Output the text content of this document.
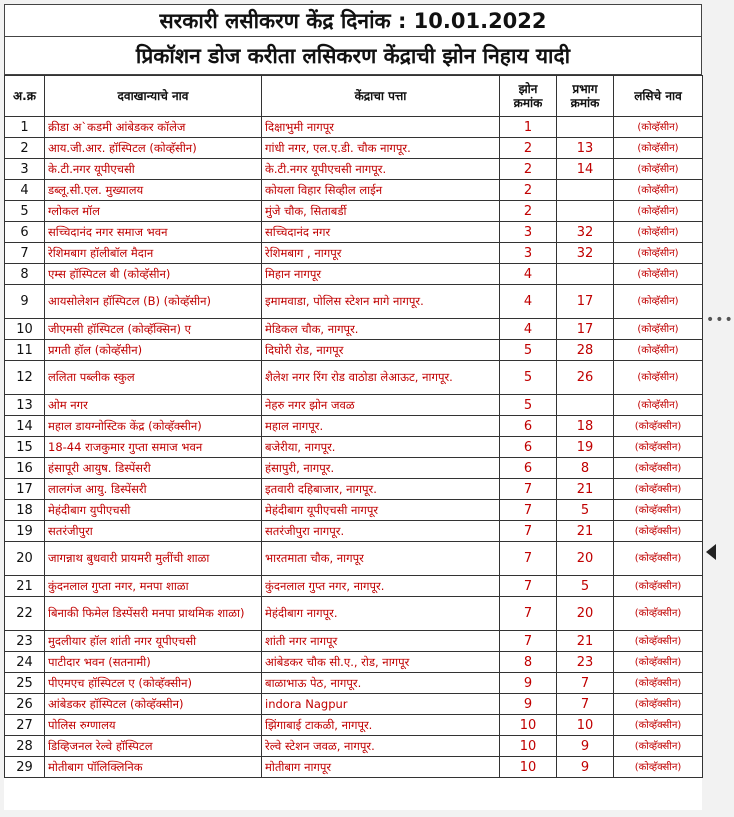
सरकारी लसीकरण केंद्र दिनांक : 10.01.2022
प्रिकॉशन डोज करीता लसिकरण केंद्राची झोन निहाय यादी
अ.क्र	दवाखान्याचे नाव	केंद्राचा पत्ता	झोन क्रमांक	प्रभाग क्रमांक	लसिचे नाव
1	क्रीडा अ`कडमी आंबेडकर कॉलेज	दिक्षाभुमी नागपूर	1		(कोव्हॅसीन)
2	आय.जी.आर. हॉस्पिटल (कोव्हॅसीन)	गांधी नगर, एल.ए.डी. चौक नागपूर.	2	13	(कोव्हॅसीन)
3	के.टी.नगर यूपीएचसी	के.टी.नगर यूपीएचसी नागपूर.	2	14	(कोव्हॅसीन)
4	डब्लू.सी.एल. मुख्यालय	कोयला विहार सिव्हील लाईन	2		(कोव्हॅसीन)
5	ग्लोकल मॉल	मुंजे चौक, सिताबर्डी	2		(कोव्हॅसीन)
6	सच्चिदानंद नगर समाज भवन	सच्चिदानंद नगर	3	32	(कोव्हॅसीन)
7	रेशिमबाग हॉलीबॉल मैदान	रेशिमबाग , नागपूर	3	32	(कोव्हॅसीन)
8	एम्स हॉस्पिटल बी (कोव्हॅसीन)	मिहान नागपूर	4		(कोव्हॅसीन)
9	आयसोलेशन हॉस्पिटल (B) (कोव्हॅसीन)	इमामवाडा, पोलिस स्टेशन मागे नागपूर.	4	17	(कोव्हॅसीन)
10	जीएमसी हॉस्पिटल (कोव्हॅक्सिन) ए	मेडिकल चौक, नागपूर.	4	17	(कोव्हॅसीन)
11	प्रगती हॉल (कोव्हॅसीन)	दिघोरी रोड, नागपूर	5	28	(कोव्हॅसीन)
12	ललिता पब्लीक स्कुल	शैलेश नगर रिंग रोड वाठोडा लेआऊट, नागपूर.	5	26	(कोव्हॅसीन)
13	ओम नगर	नेहरु नगर झोन जवळ	5		(कोव्हॅसीन)
14	महाल डायग्नोस्टिक केंद्र (कोव्हॅक्सीन)	महाल नागपूर.	6	18	(कोव्हॅक्सीन)
15	18-44 राजकुमार गुप्ता समाज भवन	बजेरीया, नागपूर.	6	19	(कोव्हॅक्सीन)
16	हंसापूरी आयुष. डिस्पेंसरी	हंसापुरी, नागपूर.	6	8	(कोव्हॅक्सीन)
17	लालगंज आयु. डिस्पेंसरी	इतवारी दहिबाजार, नागपूर.	7	21	(कोव्हॅक्सीन)
18	मेहंदीबाग युपीएचसी	मेहंदीबाग यूपीएचसी नागपूर	7	5	(कोव्हॅक्सीन)
19	सतरंजीपुरा	सतरंजीपुरा नागपूर.	7	21	(कोव्हॅक्सीन)
20	जागन्नाथ बुधवारी प्रायमरी मुलींची शाळा	भारतमाता चौक, नागपूर	7	20	(कोव्हॅक्सीन)
21	कुंदनलाल गुप्ता नगर, मनपा शाळा	कुंदनलाल गुप्त नगर, नागपूर.	7	5	(कोव्हॅक्सीन)
22	बिनाकी फिमेल डिस्पेंसरी मनपा प्राथमिक शाळा)	मेहंदीबाग नागपूर.	7	20	(कोव्हॅक्सीन)
23	मुदलीयार हॉल शांती नगर यूपीएचसी	शांती नगर नागपूर	7	21	(कोव्हॅक्सीन)
24	पाटीदार भवन (सतनामी)	आंबेडकर चौक सी.ए., रोड, नागपूर	8	23	(कोव्हॅक्सीन)
25	पीएमएच हॉस्पिटल ए (कोव्हॅक्सीन)	बाळाभाऊ पेठ, नागपूर.	9	7	(कोव्हॅक्सीन)
26	आंबेडकर हॉस्पिटल (कोव्हॅक्सीन)	indora Nagpur	9	7	(कोव्हॅक्सीन)
27	पोलिस रुग्णालय	झिंगाबाई टाकळी, नागपूर.	10	10	(कोव्हॅक्सीन)
28	डिव्हिजनल रेल्वे हॉस्पिटल	रेल्वे स्टेशन जवळ, नागपूर.	10	9	(कोव्हॅक्सीन)
29	मोतीबाग पॉलिक्लिनिक	मोतीबाग नागपूर	10	9	(कोव्हॅक्सीन)
•••
